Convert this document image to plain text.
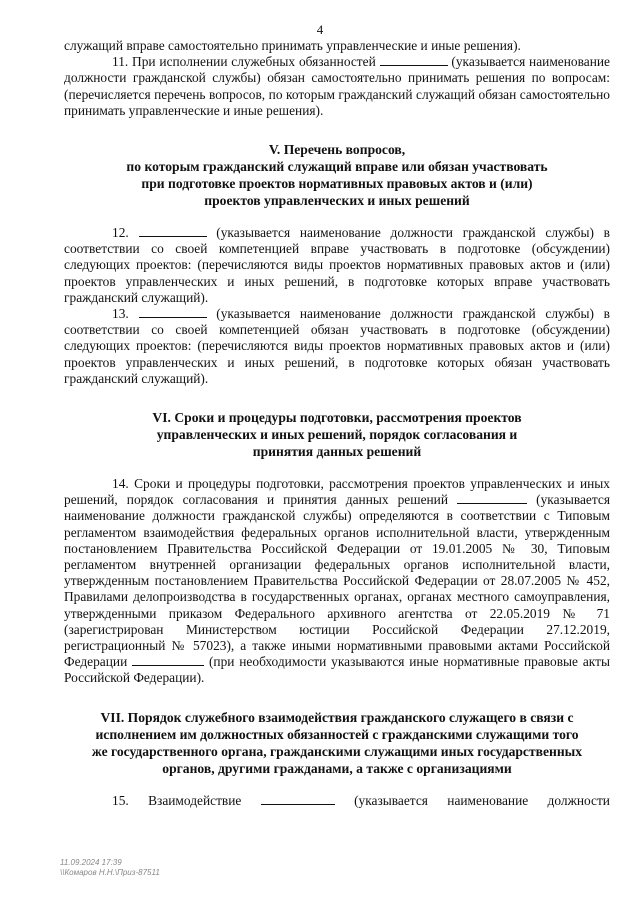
4

служащий вправе самостоятельно принимать управленческие и иные решения).

11. При исполнении служебных обязанностей	(указывается наименование должности гражданской службы) обязан самостоятельно принимать решения по вопросам: (перечисляется перечень вопросов, по которым гражданский служащий обязан самостоятельно принимать управленческие и иные решения).

V. Перечень вопросов,
по которым гражданский служащий вправе или обязан участвовать
при подготовке проектов нормативных правовых актов и (или)
проектов управленческих и иных решений

12.	(указывается наименование должности гражданской службы) в соответствии со своей компетенцией вправе участвовать в подготовке (обсуждении) следующих проектов: (перечисляются виды проектов нормативных правовых актов и (или) проектов управленческих и иных решений, в подготовке которых вправе участвовать гражданский служащий).

13.	(указывается наименование должности гражданской службы) в соответствии со своей компетенцией обязан участвовать в подготовке (обсуждении) следующих проектов: (перечисляются виды проектов нормативных правовых актов и (или) проектов управленческих и иных решений, в подготовке которых обязан участвовать гражданский служащий).

VI. Сроки и процедуры подготовки, рассмотрения проектов
управленческих и иных решений, порядок согласования и
принятия данных решений

14. Сроки и процедуры подготовки, рассмотрения проектов управленческих и иных решений, порядок согласования и принятия данных решений	(указывается наименование должности гражданской службы) определяются в соответствии с Типовым регламентом взаимодействия федеральных органов исполнительной власти, утвержденным постановлением Правительства Российской Федерации от 19.01.2005 № 30, Типовым регламентом внутренней организации федеральных органов исполнительной власти, утвержденным постановлением Правительства Российской Федерации от 28.07.2005 № 452, Правилами делопроизводства в государственных органах, органах местного самоуправления, утвержденными приказом Федерального архивного агентства от 22.05.2019 № 71 (зарегистрирован Министерством юстиции Российской Федерации 27.12.2019, регистрационный № 57023), а также иными нормативными правовыми актами Российской Федерации	(при необходимости указываются иные нормативные правовые акты Российской Федерации).

VII. Порядок служебного взаимодействия гражданского служащего в связи с
исполнением им должностных обязанностей с гражданскими служащими того
же государственного органа, гражданскими служащими иных государственных
органов, другими гражданами, а также с организациями

15. Взаимодействие	(указывается наименование должности

11.09.2024 17:39
\\Комаров Н.Н.\Приз-87511
